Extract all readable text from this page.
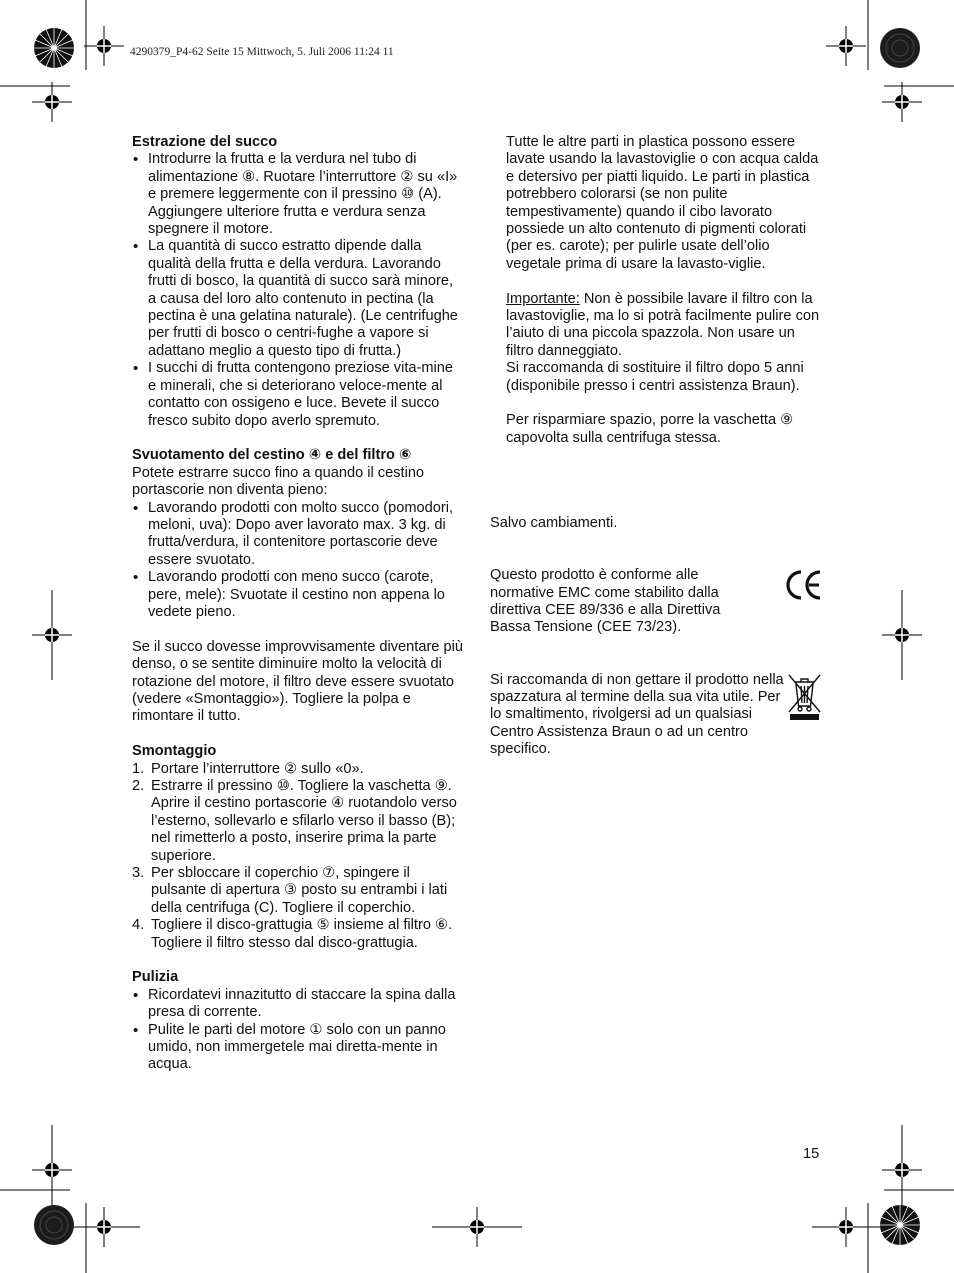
4290379_P4-62 Seite 15 Mittwoch, 5. Juli 2006 11:24 11
Estrazione del succo
• Introdurre la frutta e la verdura nel tubo di alimentazione ⑧. Ruotare l’interruttore ② su «I» e premere leggermente con il pressino ⑩ (A). Aggiungere ulteriore frutta e verdura senza spegnere il motore.
• La quantità di succo estratto dipende dalla qualità della frutta e della verdura. Lavorando frutti di bosco, la quantità di succo sarà minore, a causa del loro alto contenuto in pectina (la pectina è una gelatina naturale). (Le centrifughe per frutti di bosco o centri-fughe a vapore si adattano meglio a questo tipo di frutta.)
• I succhi di frutta contengono preziose vita-mine e minerali, che si deteriorano veloce-mente al contatto con ossigeno e luce. Bevete il succo fresco subito dopo averlo spremuto.
Svuotamento del cestino ④ e del filtro ⑥

Potete estrarre succo fino a quando il cestino portascorie non diventa pieno:

• Lavorando prodotti con molto succo (pomodori, meloni, uva): Dopo aver lavorato max. 3 kg. di frutta/verdura, il contenitore portascorie deve essere svuotato.
• Lavorando prodotti con meno succo (carote, pere, mele): Svuotate il cestino non appena lo vedete pieno.

Se il succo dovesse improvvisamente diventare più denso, o se sentite diminuire molto la velocità di rotazione del motore, il filtro deve essere svuotato (vedere «Smontaggio»). Togliere la polpa e rimontare il tutto.

Smontaggio
1. Portare l’interruttore ② sullo «0».
2. Estrarre il pressino ⑩. Togliere la vaschetta ⑨. Aprire il cestino portascorie ④ ruotandolo verso l’esterno, sollevarlo e sfilarlo verso il basso (B); nel rimetterlo a posto, inserire prima la parte superiore.
3. Per sbloccare il coperchio ⑦, spingere il pulsante di apertura ③ posto su entrambi i lati della centrifuga (C). Togliere il coperchio.
4. Togliere il disco-grattugia ⑤ insieme al filtro ⑥. Togliere il filtro stesso dal disco-grattugia.
Pulizia
• Ricordatevi innazitutto di staccare la spina dalla presa di corrente.
• Pulite le parti del motore ① solo con un panno umido, non immergetele mai diretta-mente in acqua.

Tutte le altre parti in plastica possono essere lavate usando la lavastoviglie o con acqua calda e detersivo per piatti liquido. Le parti in plastica potrebbero colorarsi (se non pulite tempestivamente) quando il cibo lavorato possiede un alto contenuto di pigmenti colorati (per es. carote); per pulirle usate dell’olio vegetale prima di usare la lavasto-viglie.

Importante: Non è possibile lavare il filtro con la lavastoviglie, ma lo si potrà facilmente pulire con l’aiuto di una piccola spazzola. Non usare un filtro danneggiato.

Si raccomanda di sostituire il filtro dopo 5 anni (disponibile presso i centri assistenza Braun).

Per risparmiare spazio, porre la vaschetta ⑨ capovolta sulla centrifuga stessa.

Salvo cambiamenti.

Questo prodotto è conforme alle normative EMC come stabilito dalla direttiva CEE 89/336 e alla Direttiva Bassa Tensione (CEE 73/23).

Si raccomanda di non gettare il prodotto nella spazzatura al termine della sua vita utile. Per lo smaltimento, rivolgersi ad un qualsiasi Centro Assistenza Braun o ad un centro specifico.

15
